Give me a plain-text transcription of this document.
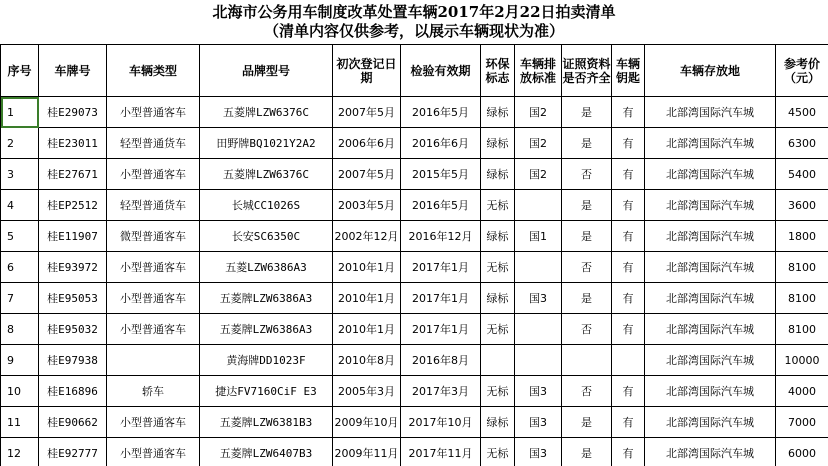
北海市公务用车制度改革处置车辆2017年2月22日拍卖清单
（清单内容仅供参考，以展示车辆现状为准）
序号	车牌号	车辆类型	品牌型号	初次登记日期	检验有效期	环保标志	车辆排放标准	证照资料是否齐全	车辆钥匙	车辆存放地	参考价（元）
1	桂E29073	小型普通客车	五菱牌LZW6376C	2007年5月	2016年5月	绿标	国2	是	有	北部湾国际汽车城	4500
2	桂E23011	轻型普通货车	田野牌BQ1021Y2A2	2006年6月	2016年6月	绿标	国2	是	有	北部湾国际汽车城	6300
3	桂E27671	小型普通客车	五菱牌LZW6376C	2007年5月	2015年5月	绿标	国2	否	有	北部湾国际汽车城	5400
4	桂EP2512	轻型普通货车	长城CC1026S	2003年5月	2016年5月	无标		是	有	北部湾国际汽车城	3600
5	桂E11907	微型普通客车	长安SC6350C	2002年12月	2016年12月	绿标	国1	是	有	北部湾国际汽车城	1800
6	桂E93972	小型普通客车	五菱LZW6386A3	2010年1月	2017年1月	无标		否	有	北部湾国际汽车城	8100
7	桂E95053	小型普通客车	五菱牌LZW6386A3	2010年1月	2017年1月	绿标	国3	是	有	北部湾国际汽车城	8100
8	桂E95032	小型普通客车	五菱牌LZW6386A3	2010年1月	2017年1月	无标		否	有	北部湾国际汽车城	8100
9	桂E97938		黄海牌DD1023F	2010年8月	2016年8月					北部湾国际汽车城	10000
10	桂E16896	轿车	捷达FV7160CiF E3	2005年3月	2017年3月	无标	国3	否	有	北部湾国际汽车城	4000
11	桂E90662	小型普通客车	五菱牌LZW6381B3	2009年10月	2017年10月	绿标	国3	是	有	北部湾国际汽车城	7000
12	桂E92777	小型普通客车	五菱牌LZW6407B3	2009年11月	2017年11月	无标	国3	是	有	北部湾国际汽车城	6000
